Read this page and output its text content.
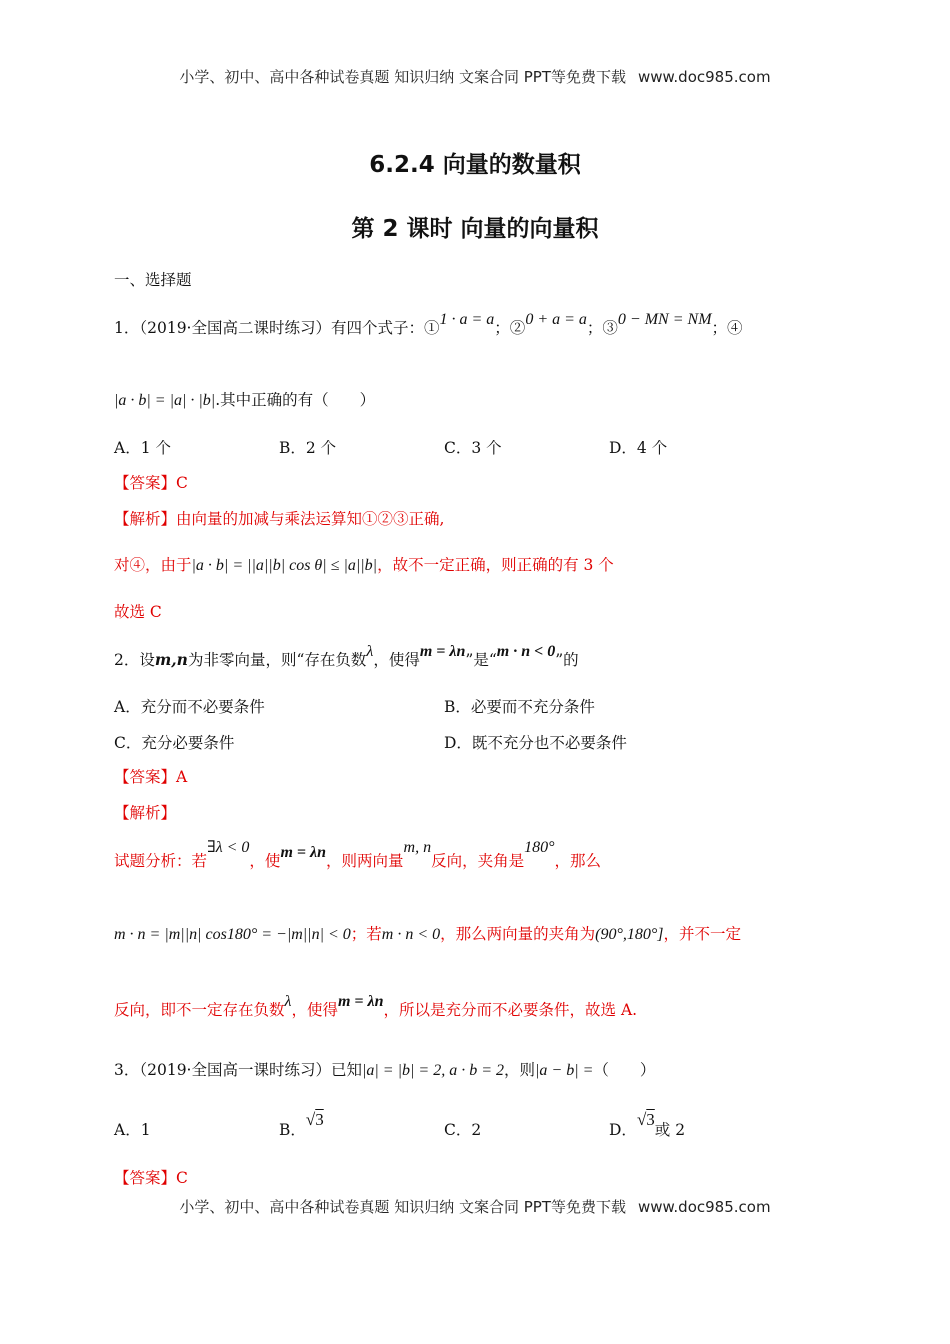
小学、初中、高中各种试卷真题 知识归纳 文案合同 PPT等免费下载 www.doc985.com
6.2.4 向量的数量积
第 2 课时 向量的向量积
一、选择题
1．（2019·全国高二课时练习）有四个式子：①1 · a = a；②0 + a = a；③0 − MN = NM；④
|a · b| = |a| · |b|.其中正确的有（　　）
A．1 个	B．2 个	C．3 个	D．4 个
【答案】C
【解析】由向量的加减与乘法运算知①②③正确,
对④，由于|a · b| = ||a||b| cos θ| ≤ |a||b|，故不一定正确，则正确的有 3 个
故选 C
2．设m,n为非零向量，则“存在负数λ，使得m = λn”是“m · n < 0”的
A．充分而不必要条件	B．必要而不充分条件
C．充分必要条件	D．既不充分也不必要条件
【答案】A
【解析】
试题分析：若∃λ < 0，使m = λn，则两向量m, n反向，夹角是180°，那么
m · n = |m||n| cos180° = −|m||n| < 0；若m · n < 0，那么两向量的夹角为(90°,180°]，并不一定
反向，即不一定存在负数λ，使得m = λn，所以是充分而不必要条件，故选 A.
3．（2019·全国高一课时练习）已知|a| = |b| = 2, a · b = 2，则|a − b| =（　　）
A．1	B．√3
C．2	D．√3或 2
【答案】C
小学、初中、高中各种试卷真题 知识归纳 文案合同 PPT等免费下载 www.doc985.com
